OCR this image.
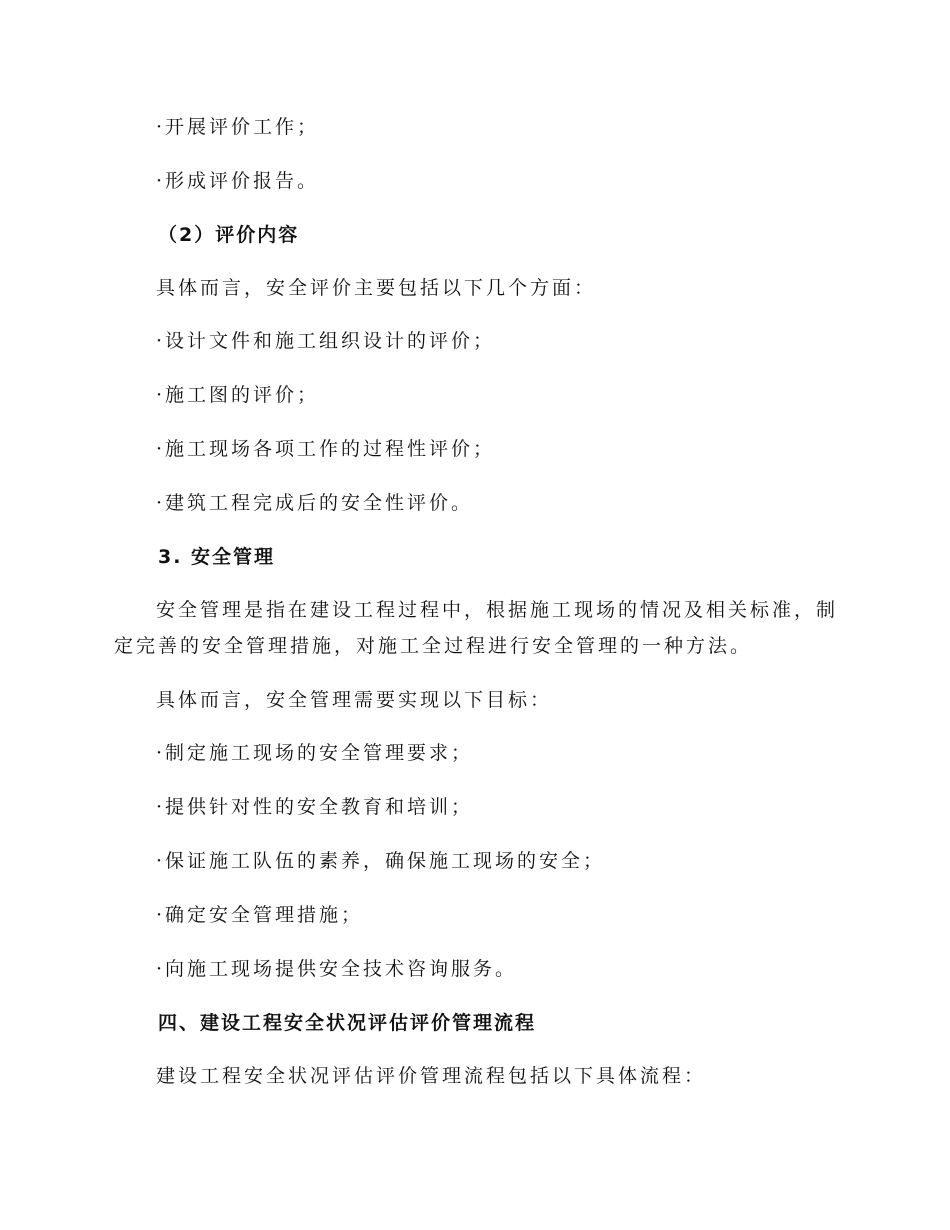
·开展评价工作；
·形成评价报告。
（2）评价内容
具体而言，安全评价主要包括以下几个方面：
·设计文件和施工组织设计的评价；
·施工图的评价；
·施工现场各项工作的过程性评价；
·建筑工程完成后的安全性评价。
3. 安全管理
安全管理是指在建设工程过程中，根据施工现场的情况及相关标准，制
定完善的安全管理措施，对施工全过程进行安全管理的一种方法。
具体而言，安全管理需要实现以下目标：
·制定施工现场的安全管理要求；
·提供针对性的安全教育和培训；
·保证施工队伍的素养，确保施工现场的安全；
·确定安全管理措施；
·向施工现场提供安全技术咨询服务。
四、建设工程安全状况评估评价管理流程
建设工程安全状况评估评价管理流程包括以下具体流程：
